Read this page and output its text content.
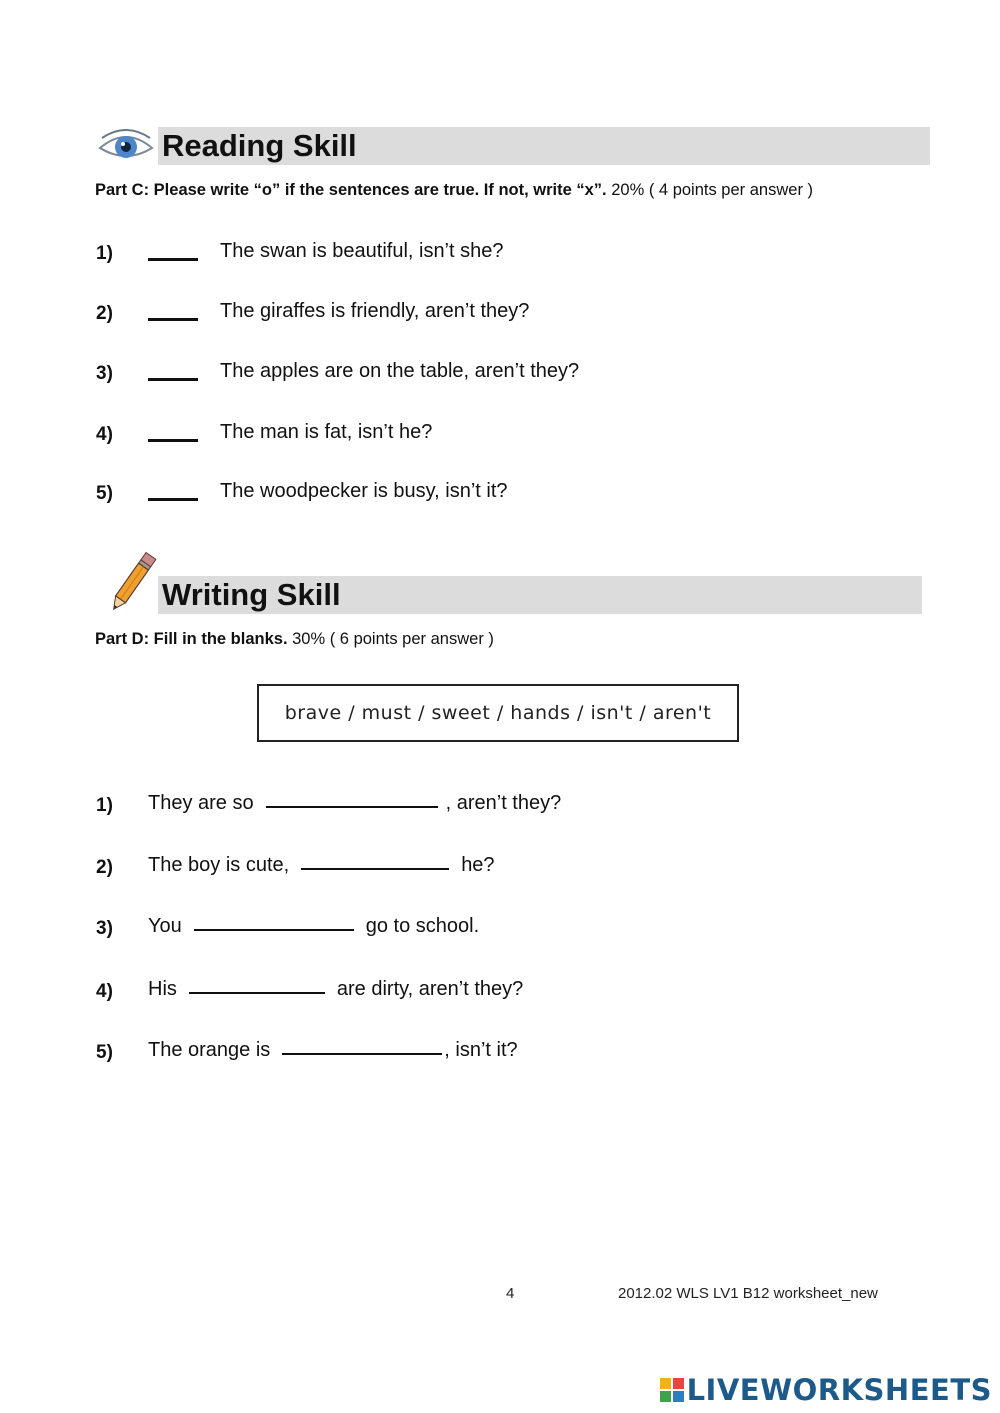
Reading Skill
Part C: Please write “o” if the sentences are true. If not, write “x”. 20% ( 4 points per answer )
1)	The swan is beautiful, isn’t she?
2)	The giraffes is friendly, aren’t they?
3)	The apples are on the table, aren’t they?
4)	The man is fat, isn’t he?
5)	The woodpecker is busy, isn’t it?
Writing Skill
Part D: Fill in the blanks. 30% ( 6 points per answer )
brave / must / sweet / hands / isn't / aren't
1) They are so	, aren’t they?
2) The boy is cute,	he?
3) You	go to school.
4) His	are dirty, aren’t they?
5) The orange is	, isn’t it?
4	2012.02 WLS LV1 B12 worksheet_new
LIVEWORKSHEETS
